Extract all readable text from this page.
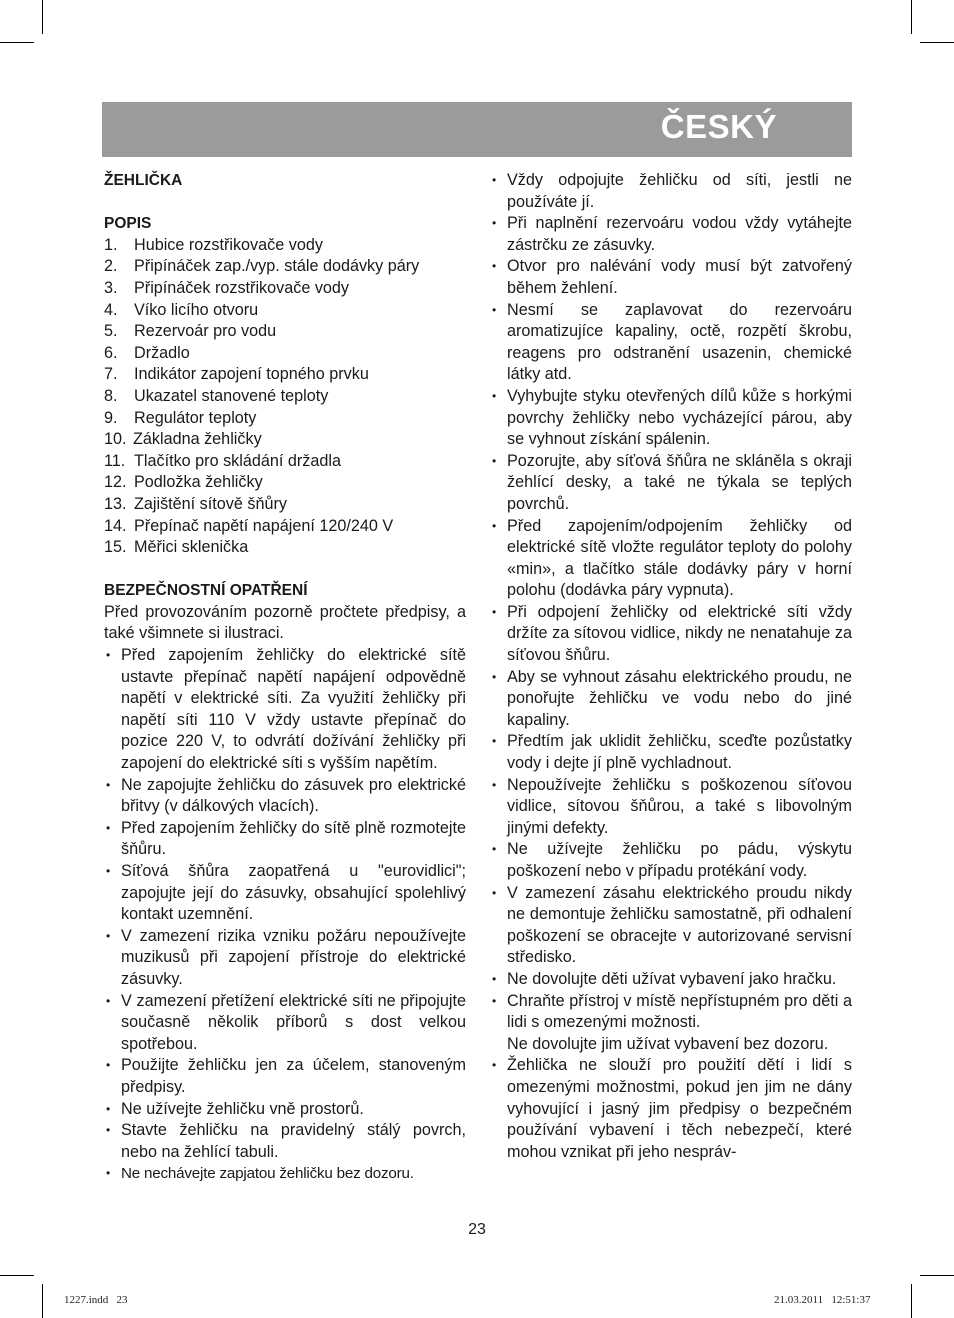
ČESKÝ

ŽEHLIČKA

POPIS

1. Hubice rozstřikovače vody
2. Připínáček zap./vyp. stále dodávky páry
3. Připínáček rozstřikovače vody
4. Víko licího otvoru
5. Rezervoár pro vodu
6. Držadlo
7. Indikátor zapojení topného prvku
8. Ukazatel stanovené teploty
9. Regulátor teploty
10. Základna žehličky
11. Tlačítko pro skládání držadla
12. Podložka žehličky
13. Zajištění sítově šňůry
14. Přepínač napětí napájení 120/240 V
15. Měřici sklenička

BEZPEČNOSTNÍ OPATŘENÍ

Před provozováním pozorně pročtete předpisy, a také všimnete si ilustraci.

• Před zapojením žehličky do elektrické sítě ustavte přepínač napětí napájení odpovědně napětí v elektrické síti. Za využití žehličky při napětí síti 110 V vždy ustavte přepínač do pozice 220 V, to odvrátí dožívání žehličky při zapojení do elektrické síti s vyšším napětím.
• Ne zapojujte žehličku do zásuvek pro elektrické břitvy (v dálkových vlacích).
• Před zapojením žehličky do sítě plně rozmotejte šňůru.
• Síťová šňůra zaopatřená u "eurovidlici"; zapojujte její do zásuvky, obsahující spolehlivý kontakt uzemnění.
• V zamezení rizika vzniku požáru nepoužívejte muzikusů při zapojení přístroje do elektrické zásuvky.
• V zamezení přetížení elektrické síti ne připojujte současně několik příborů s dost velkou spotřebou.
• Použijte žehličku jen za účelem, stanoveným předpisy.
• Ne užívejte žehličku vně prostorů.
• Stavte žehličku na pravidelný stálý povrch, nebo na žehlící tabuli.
• Ne nechávejte zapjatou žehličku bez dozoru.
• Vždy odpojujte žehličku od síti, jestli ne používáte jí.
• Při naplnění rezervoáru vodou vždy vytáhejte zástrčku ze zásuvky.
• Otvor pro nalévání vody musí být zatvořený během žehlení.
• Nesmí se zaplavovat do rezervoáru aromatizujíce kapaliny, octě, rozpětí škrobu, reagens pro odstranění usazenin, chemické látky atd.
• Vyhybujte styku otevřených dílů kůže s horkými povrchy žehličky nebo vycházející párou, aby se vyhnout získání spálenin.
• Pozorujte, aby síťová šňůra ne skláněla s okraji žehlící desky, a také ne týkala se teplých povrchů.
• Před zapojením/odpojením žehličky od elektrické sítě vložte regulátor teploty do polohy «min», a tlačítko stále dodávky páry v horní polohu (dodávka páry vypnuta).
• Při odpojení žehličky od elektrické síti vždy držíte za sítovou vidlice, nikdy ne nenatahuje za síťovou šňůru.
• Aby se vyhnout zásahu elektrického proudu, ne ponořujte žehličku ve vodu nebo do jiné kapaliny.
• Předtím jak uklidit žehličku, sceďte pozůstatky vody i dejte jí plně vychladnout.
• Nepoužívejte žehličku s poškozenou síťovou vidlice, sítovou šňůrou, a také s libovolným jinými defekty.
• Ne užívejte žehličku po pádu, výskytu poškození nebo v případu protékání vody.
• V zamezení zásahu elektrického proudu nikdy ne demontuje žehličku samostatně, při odhalení poškození se obracejte v autorizované servisní středisko.
• Ne dovolujte děti užívat vybavení jako hračku.
• Chraňte přístroj v místě nepřístupném pro děti a lidi s omezenými možnosti.
Ne dovolujte jim užívat vybavení bez dozoru.
• Žehlička ne slouží pro použití dětí i lidí s omezenými možnostmi, pokud jen jim ne dány vyhovující i jasný jim předpisy o bezpečném používání vybavení i těch nebezpečí, které mohou vznikat při jeho nespráv-
23
1227.indd   23	21.03.2011   12:51:37
